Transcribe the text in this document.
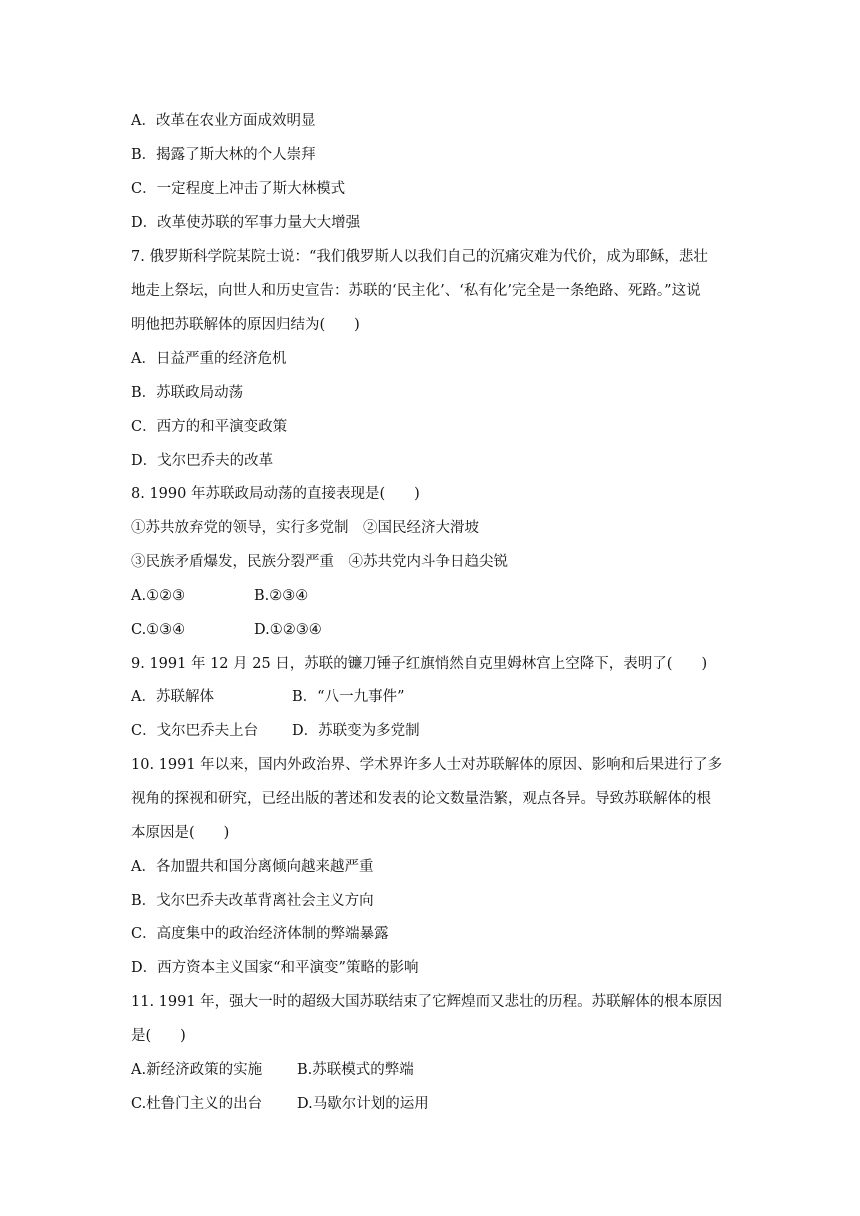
A．改革在农业方面成效明显
B．揭露了斯大林的个人崇拜
C．一定程度上冲击了斯大林模式
D．改革使苏联的军事力量大大增强
7. 俄罗斯科学院某院士说：“我们俄罗斯人以我们自己的沉痛灾难为代价，成为耶稣，悲壮
地走上祭坛，向世人和历史宣告：苏联的‘民主化’、‘私有化’完全是一条绝路、死路。”这说
明他把苏联解体的原因归结为(　　)
A．日益严重的经济危机
B．苏联政局动荡
C．西方的和平演变政策
D．戈尔巴乔夫的改革
8. 1990 年苏联政局动荡的直接表现是(　　)
①苏共放弃党的领导，实行多党制　②国民经济大滑坡
③民族矛盾爆发，民族分裂严重　④苏共党内斗争日趋尖锐
A.①②③	B.②③④
C.①③④	D.①②③④
9. 1991 年 12 月 25 日，苏联的镰刀锤子红旗悄然自克里姆林宫上空降下，表明了(　　)
A．苏联解体	B．“八一九事件”
C．戈尔巴乔夫上台 D．苏联变为多党制
10. 1991 年以来，国内外政治界、学术界许多人士对苏联解体的原因、影响和后果进行了多
视角的探视和研究，已经出版的著述和发表的论文数量浩繁，观点各异。导致苏联解体的根
本原因是(　　)
A．各加盟共和国分离倾向越来越严重
B．戈尔巴乔夫改革背离社会主义方向
C．高度集中的政治经济体制的弊端暴露
D．西方资本主义国家“和平演变”策略的影响
11. 1991 年，强大一时的超级大国苏联结束了它辉煌而又悲壮的历程。苏联解体的根本原因
是(　　)
A.新经济政策的实施 B.苏联模式的弊端
C.杜鲁门主义的出台 D.马歇尔计划的运用
